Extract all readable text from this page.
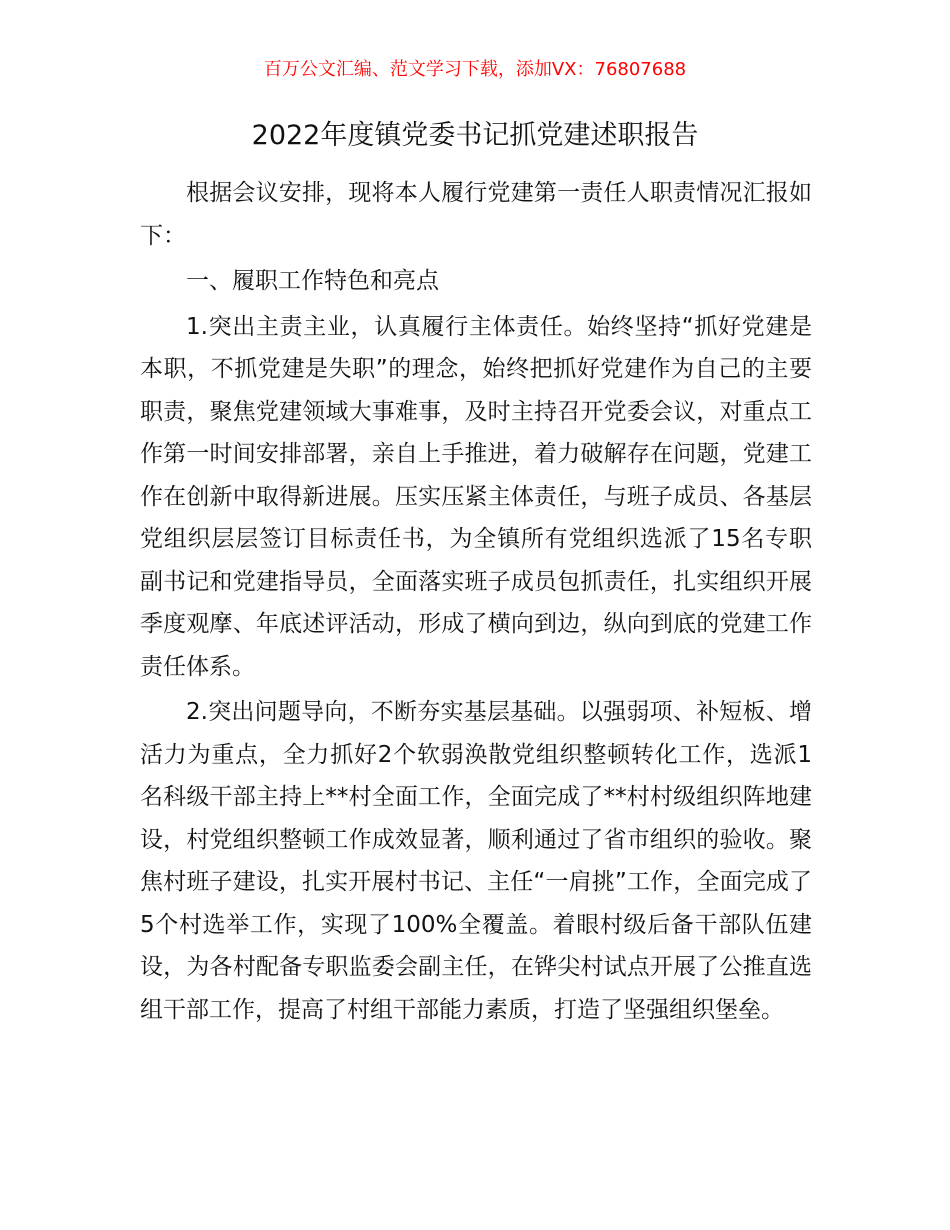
百万公文汇编、范文学习下载，添加VX：76807688
2022年度镇党委书记抓党建述职报告

根据会议安排，现将本人履行党建第一责任人职责情况汇报如下：

一、履职工作特色和亮点

1.突出主责主业，认真履行主体责任。始终坚持“抓好党建是本职，不抓党建是失职”的理念，始终把抓好党建作为自己的主要职责，聚焦党建领域大事难事，及时主持召开党委会议，对重点工作第一时间安排部署，亲自上手推进，着力破解存在问题，党建工作在创新中取得新进展。压实压紧主体责任，与班子成员、各基层党组织层层签订目标责任书，为全镇所有党组织选派了15名专职副书记和党建指导员，全面落实班子成员包抓责任，扎实组织开展季度观摩、年底述评活动，形成了横向到边，纵向到底的党建工作责任体系。

2.突出问题导向，不断夯实基层基础。以强弱项、补短板、增活力为重点，全力抓好2个软弱涣散党组织整顿转化工作，选派1名科级干部主持上**村全面工作，全面完成了**村村级组织阵地建设，村党组织整顿工作成效显著，顺利通过了省市组织的验收。聚焦村班子建设，扎实开展村书记、主任“一肩挑”工作，全面完成了5个村选举工作，实现了100%全覆盖。着眼村级后备干部队伍建设，为各村配备专职监委会副主任，在铧尖村试点开展了公推直选组干部工作，提高了村组干部能力素质，打造了坚强组织堡垒。
